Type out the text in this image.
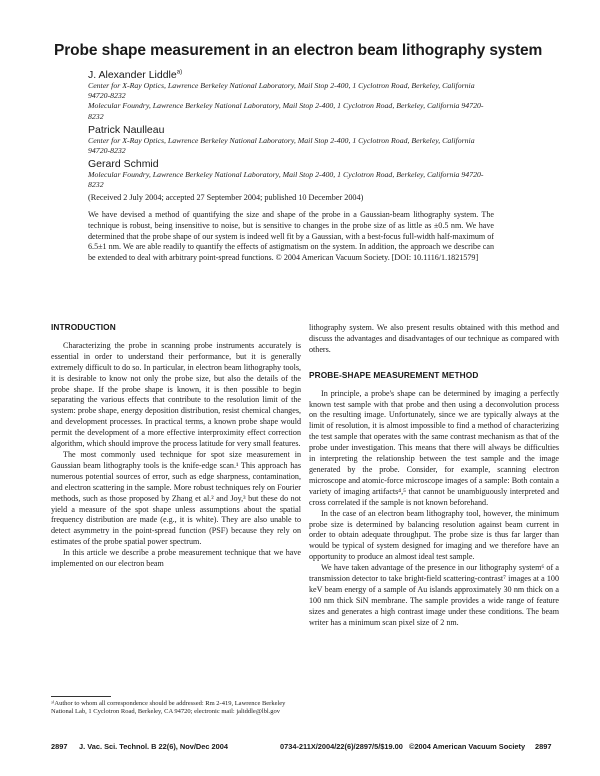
Probe shape measurement in an electron beam lithography system
J. Alexander Liddle$^{a)}$
Center for X-Ray Optics, Lawrence Berkeley National Laboratory, Mail Stop 2-400, 1 Cyclotron Road, Berkeley, California 94720-8232
Molecular Foundry, Lawrence Berkeley National Laboratory, Mail Stop 2-400, 1 Cyclotron Road, Berkeley, California 94720-8232
Patrick Naulleau
Center for X-Ray Optics, Lawrence Berkeley National Laboratory, Mail Stop 2-400, 1 Cyclotron Road, Berkeley, California 94720-8232
Gerard Schmid
Molecular Foundry, Lawrence Berkeley National Laboratory, Mail Stop 2-400, 1 Cyclotron Road, Berkeley, California 94720-8232
(Received 2 July 2004; accepted 27 September 2004; published 10 December 2004)
We have devised a method of quantifying the size and shape of the probe in a Gaussian-beam lithography system. The technique is robust, being insensitive to noise, but is sensitive to changes in the probe size of as little as ±0.5 nm. We have determined that the probe shape of our system is indeed well fit by a Gaussian, with a best-focus full-width half-maximum of 6.5±1 nm. We are able readily to quantify the effects of astigmatism on the system. In addition, the approach we describe can be extended to deal with arbitrary point-spread functions. © 2004 American Vacuum Society. [DOI: 10.1116/1.1821579]
INTRODUCTION

Characterizing the probe in scanning probe instruments accurately is essential in order to understand their performance, but it is generally extremely difficult to do so. In particular, in electron beam lithography tools, it is desirable to know not only the probe size, but also the details of the probe shape. If the probe shape is known, it is then possible to begin separating the various effects that contribute to the resolution limit of the system: probe shape, energy deposition distribution, resist chemical changes, and development processes. In practical terms, a known probe shape would permit the development of a more effective interproximity effect correction algorithm, which should improve the process latitude for very small features.

The most commonly used technique for spot size measurement in Gaussian beam lithography tools is the knife-edge scan.¹ This approach has numerous potential sources of error, such as edge sharpness, contamination, and electron scattering in the sample. More robust techniques rely on Fourier methods, such as those proposed by Zhang et al.² and Joy,³ but these do not yield a measure of the spot shape unless assumptions about the spatial frequency distribution are made (e.g., it is white). They are also unable to detect asymmetry in the point-spread function (PSF) because they rely on estimates of the probe spatial power spectrum.

In this article we describe a probe measurement technique that we have implemented on our electron beam

lithography system. We also present results obtained with this method and discuss the advantages and disadvantages of our technique as compared with others.

PROBE-SHAPE MEASUREMENT METHOD

In principle, a probe's shape can be determined by imaging a perfectly known test sample with that probe and then using a deconvolution process on the resulting image. Unfortunately, since we are typically always at the limit of resolution, it is almost impossible to find a method of characterizing the test sample that operates with the same contrast mechanism as that of the probe under investigation. This means that there will always be difficulties in interpreting the relationship between the test sample and the image generated by the probe. Consider, for example, scanning electron microscope and atomic-force microscope images of a sample: Both contain a variety of imaging artifacts⁴,⁵ that cannot be unambiguously interpreted and cross correlated if the sample is not known beforehand.

In the case of an electron beam lithography tool, however, the minimum probe size is determined by balancing resolution against beam current in order to obtain adequate throughput. The probe size is thus far larger than would be typical of system designed for imaging and we therefore have an opportunity to produce an almost ideal test sample.

We have taken advantage of the presence in our lithography system⁶ of a transmission detector to take bright-field scattering-contrast⁷ images at a 100 keV beam energy of a sample of Au islands approximately 30 nm thick on a 100 nm thick SiN membrane. The sample provides a wide range of feature sizes and generates a high contrast image under these conditions. The beam writer has a minimum scan pixel size of 2 nm.

ᵃ⁾Author to whom all correspondence should be addressed: Rm 2-419, Lawrence Berkeley National Lab, 1 Cyclotron Road, Berkeley, CA 94720; electronic mail: jaliddle@lbl.gov
2897 J. Vac. Sci. Technol. B 22(6), Nov/Dec 2004	0734-211X/2004/22(6)/2897/5/$19.00 ©2004 American Vacuum Society 2897
